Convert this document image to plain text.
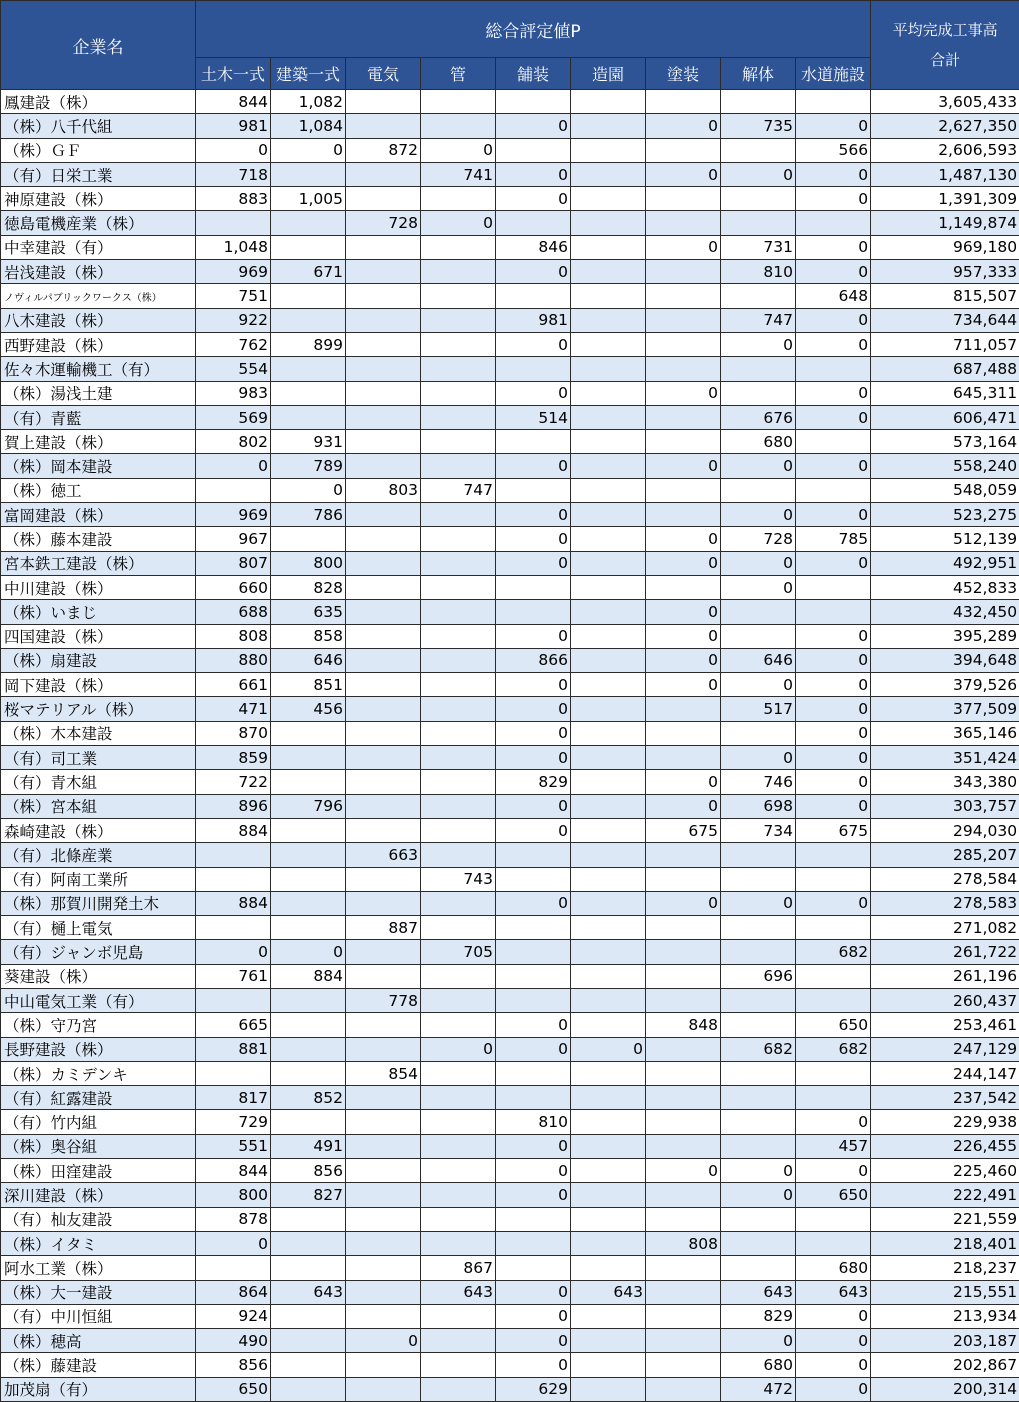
企業名	総合評定値P									平均完成工事高
合計

	土木一式	建築一式	電気	管	舗装	造園	塗装	解体	水道施設	
鳳建設（株）	844	1,082								3,605,433
（株）八千代組	981	1,084			0		0	735	0	2,627,350
（株）ＧＦ	0	0	872	0					566	2,606,593
（有）日栄工業	718			741	0		0	0	0	1,487,130
神原建設（株）	883	1,005			0				0	1,391,309
徳島電機産業（株）			728	0						1,149,874
中幸建設（有）	1,048				846		0	731	0	969,180
岩浅建設（株）	969	671			0			810	0	957,333
ノヴィルパブリックワークス（株）	751								648	815,507
八木建設（株）	922				981			747	0	734,644
西野建設（株）	762	899			0			0	0	711,057
佐々木運輸機工（有）	554									687,488
（株）湯浅土建	983				0		0		0	645,311
（有）青藍	569				514			676	0	606,471
賀上建設（株）	802	931						680		573,164
（株）岡本建設	0	789			0		0	0	0	558,240
（株）徳工		0	803	747						548,059
富岡建設（株）	969	786			0			0	0	523,275
（株）藤本建設	967				0		0	728	785	512,139
宮本鉄工建設（株）	807	800			0		0	0	0	492,951
中川建設（株）	660	828						0		452,833
（株）いまじ	688	635					0			432,450
四国建設（株）	808	858			0		0		0	395,289
（株）扇建設	880	646			866		0	646	0	394,648
岡下建設（株）	661	851			0		0	0	0	379,526
桜マテリアル（株）	471	456			0			517	0	377,509
（株）木本建設	870				0				0	365,146
（有）司工業	859				0			0	0	351,424
（有）青木組	722				829		0	746	0	343,380
（株）宮本組	896	796			0		0	698	0	303,757
森崎建設（株）	884				0		675	734	675	294,030
（有）北條産業			663							285,207
（有）阿南工業所				743						278,584
（株）那賀川開発土木	884				0		0	0	0	278,583
（有）樋上電気			887							271,082
（有）ジャンボ児島	0	0		705					682	261,722
葵建設（株）	761	884						696		261,196
中山電気工業（有）			778							260,437
（株）守乃宮	665				0		848		650	253,461
長野建設（株）	881			0	0	0		682	682	247,129
（株）カミデンキ			854							244,147
（有）紅露建設	817	852								237,542
（有）竹内組	729				810				0	229,938
（株）奥谷組	551	491			0				457	226,455
（株）田窪建設	844	856			0		0	0	0	225,460
深川建設（株）	800	827			0			0	650	222,491
（有）杣友建設	878									221,559
（株）イタミ	0						808			218,401
阿水工業（株）				867					680	218,237
（株）大一建設	864	643		643	0	643		643	643	215,551
（有）中川恒組	924				0			829	0	213,934
（株）穂高	490		0		0			0	0	203,187
（株）藤建設	856				0			680	0	202,867
加茂扇（有）	650				629			472	0	200,314
